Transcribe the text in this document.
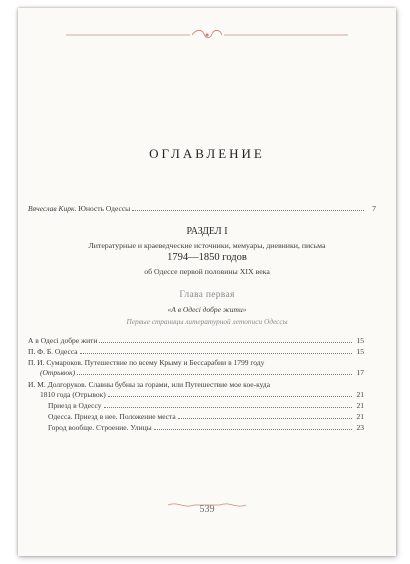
ОГЛАВЛЕНИЕ
Вячеслав Кирк. Юность Одессы	7
РАЗДЕЛ I
Литературные и краеведческие источники, мемуары, дневники, письма
1794—1850 годов
об Одессе первой половины XIX века
Глава первая
«А в Одесі добре жити»
Первые страницы литературной летописи Одессы
А в Одесі добре жити	15
П. Ф. Б. Одесса	15
П. И. Сумароков. Путешествие по всему Крыму и Бессарабии в 1799 году
(Отрывок)	17
И. М. Долгоруков. Славны бубны за горами, или Путешествие мое кое-куда
1810 года (Отрывок)	21
Приезд в Одессу	21
Одесса. Приезд в нее. Положение места	21
Город вообще. Строение. Улицы	23
539
